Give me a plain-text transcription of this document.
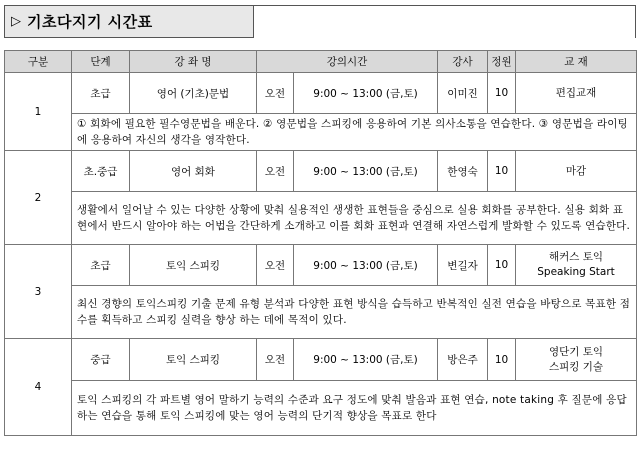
▷ 기초다지기 시간표
구분	단계	강 좌 명	강의시간		강사	정원	교 재
1	초급	영어 (기초)문법	오전	9:00 ~ 13:00 (금,토)	이미진	10	편집교재

	① 회화에 필요한 필수영문법을 배운다. ② 영문법을 스피킹에 응용하여 기본 의사소통을 연습한다. ③ 영문법을 라이팅에 응용하여 자신의 생각을 영작한다.						
2	초.중급	영어 회화	오전	9:00 ~ 13:00 (금,토)	한영숙	10	마감

	생활에서 일어날 수 있는 다양한 상황에 맞춰 실용적인 생생한 표현들을 중심으로 실용 회화를 공부한다. 실용 회화 표현에서 반드시 알아야 하는 어법을 간단하게 소개하고 이를 회화 표현과 연결해 자연스럽게 발화할 수 있도록 연습한다.						
3	초급	토익 스피킹	오전	9:00 ~ 13:00 (금,토)	변길자	10	해커스 토익
Speaking Start

	최신 경향의 토익스피킹 기출 문제 유형 분석과 다양한 표현 방식을 습득하고 반복적인 실전 연습을 바탕으로 목표한 점수를 획득하고 스피킹 실력을 향상 하는 데에 목적이 있다.						
4	중급	토익 스피킹	오전	9:00 ~ 13:00 (금,토)	방은주	10	영단기 토익
스피킹 기술

	토익 스피킹의 각 파트별 영어 말하기 능력의 수준과 요구 정도에 맞춰 발음과 표현 연습, note taking 후 질문에 응답하는 연습을 통해 토익 스피킹에 맞는 영어 능력의 단기적 향상을 목표로 한다						
